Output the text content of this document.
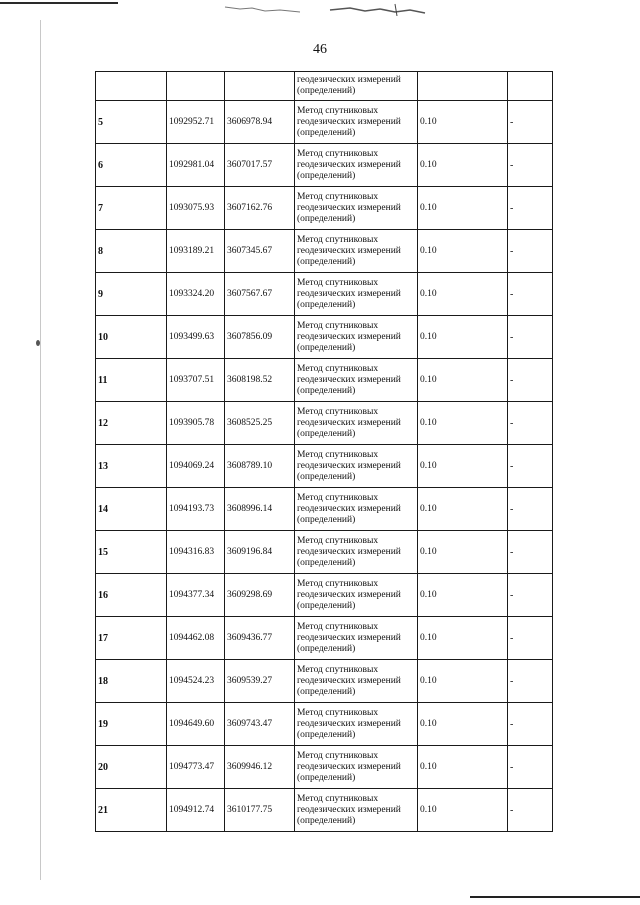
46

			геодезических измерений
(определений)		

5	1092952.71	3606978.94	Метод спутниковых
геодезических измерений
(определений)	0.10	-
6	1092981.04	3607017.57	Метод спутниковых
геодезических измерений
(определений)	0.10	-
7	1093075.93	3607162.76	Метод спутниковых
геодезических измерений
(определений)	0.10	-
8	1093189.21	3607345.67	Метод спутниковых
геодезических измерений
(определений)	0.10	-
9	1093324.20	3607567.67	Метод спутниковых
геодезических измерений
(определений)	0.10	-
10	1093499.63	3607856.09	Метод спутниковых
геодезических измерений
(определений)	0.10	-
11	1093707.51	3608198.52	Метод спутниковых
геодезических измерений
(определений)	0.10	-
12	1093905.78	3608525.25	Метод спутниковых
геодезических измерений
(определений)	0.10	-
13	1094069.24	3608789.10	Метод спутниковых
геодезических измерений
(определений)	0.10	-
14	1094193.73	3608996.14	Метод спутниковых
геодезических измерений
(определений)	0.10	-
15	1094316.83	3609196.84	Метод спутниковых
геодезических измерений
(определений)	0.10	-
16	1094377.34	3609298.69	Метод спутниковых
геодезических измерений
(определений)	0.10	-
17	1094462.08	3609436.77	Метод спутниковых
геодезических измерений
(определений)	0.10	-
18	1094524.23	3609539.27	Метод спутниковых
геодезических измерений
(определений)	0.10	-
19	1094649.60	3609743.47	Метод спутниковых
геодезических измерений
(определений)	0.10	-
20	1094773.47	3609946.12	Метод спутниковых
геодезических измерений
(определений)	0.10	-
21	1094912.74	3610177.75	Метод спутниковых
геодезических измерений
(определений)	0.10	-
